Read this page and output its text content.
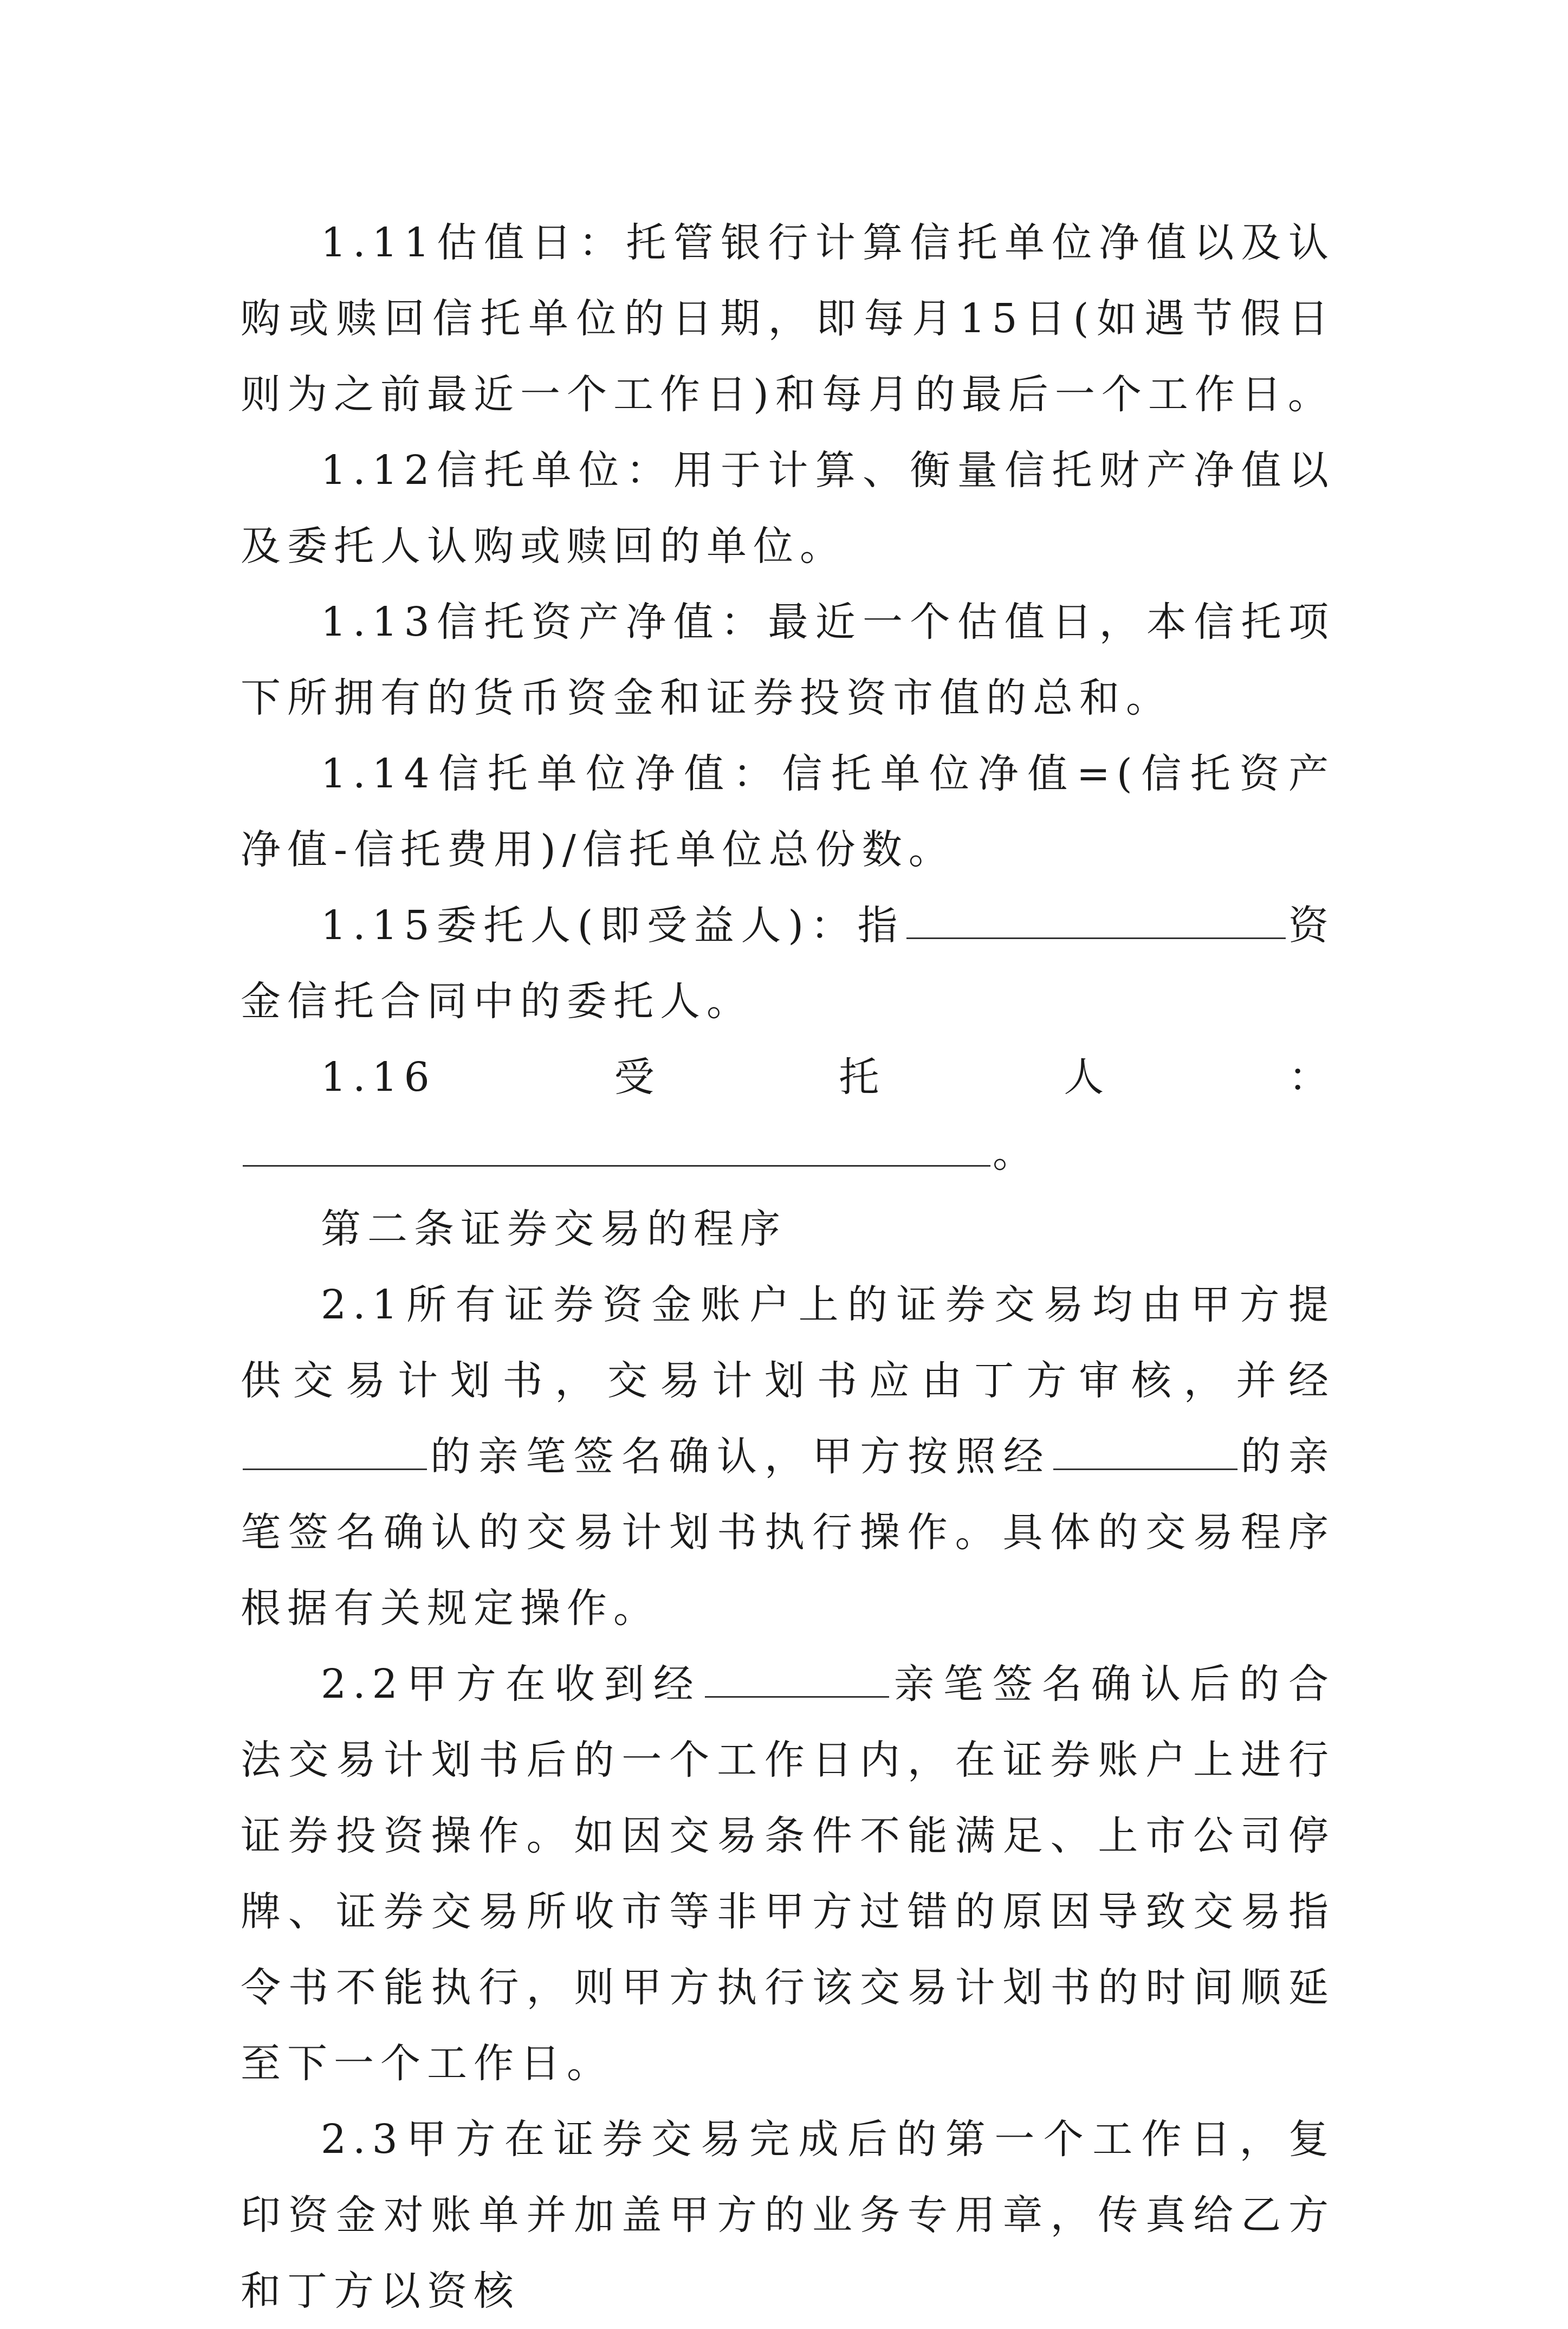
1.11估值日：托管银行计算信托单位净值以及认购或赎回信托单位的日期，即每月15日(如遇节假日则为之前最近一个工作日)和每月的最后一个工作日。

1.12信托单位：用于计算、衡量信托财产净值以及委托人认购或赎回的单位。

1.13信托资产净值：最近一个估值日，本信托项下所拥有的货币资金和证券投资市值的总和。

1.14信托单位净值：信托单位净值=(信托资产净值-信托费用)/信托单位总份数。

1.15委托人(即受益人)：指	资金信托合同中的委托人。

1.16受托人：。

第二条证券交易的程序

2.1所有证券资金账户上的证券交易均由甲方提供交易计划书，交易计划书应由丁方审核，并经的亲笔签名确认，甲方按照经	的亲笔签名确认的交易计划书执行操作。具体的交易程序根据有关规定操作。

2.2甲方在收到经	亲笔签名确认后的合法交易计划书后的一个工作日内，在证券账户上进行证券投资操作。如因交易条件不能满足、上市公司停牌、证券交易所收市等非甲方过错的原因导致交易指令书不能执行，则甲方执行该交易计划书的时间顺延至下一个工作日。

2.3甲方在证券交易完成后的第一个工作日，复印资金对账单并加盖甲方的业务专用章，传真给乙方和丁方以资核
